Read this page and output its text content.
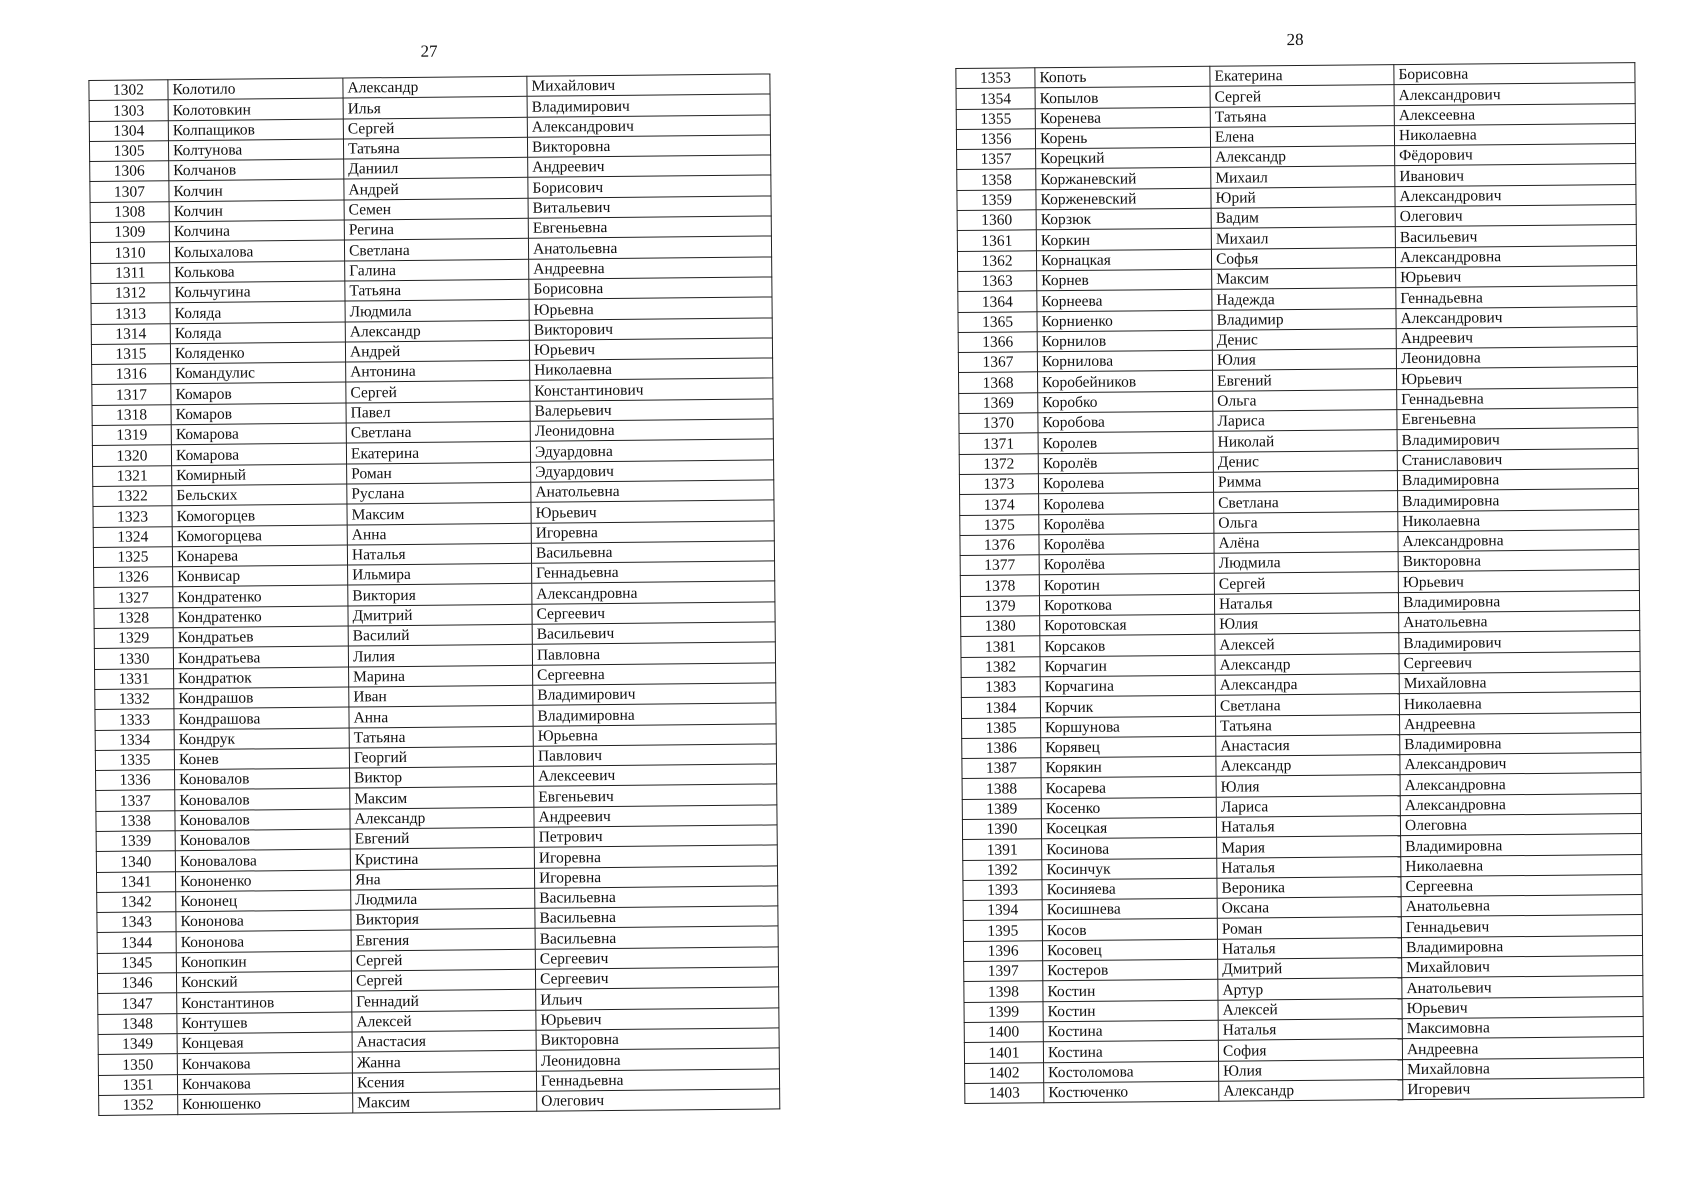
27
1302	Колотило	Александр	Михайлович
1303	Колотовкин	Илья	Владимирович
1304	Колпащиков	Сергей	Александрович
1305	Колтунова	Татьяна	Викторовна
1306	Колчанов	Даниил	Андреевич
1307	Колчин	Андрей	Борисович
1308	Колчин	Семен	Витальевич
1309	Колчина	Регина	Евгеньевна
1310	Колыхалова	Светлана	Анатольевна
1311	Колькова	Галина	Андреевна
1312	Кольчугина	Татьяна	Борисовна
1313	Коляда	Людмила	Юрьевна
1314	Коляда	Александр	Викторович
1315	Коляденко	Андрей	Юрьевич
1316	Командулис	Антонина	Николаевна
1317	Комаров	Сергей	Константинович
1318	Комаров	Павел	Валерьевич
1319	Комарова	Светлана	Леонидовна
1320	Комарова	Екатерина	Эдуардовна
1321	Комирный	Роман	Эдуардович
1322	Бельских	Руслана	Анатольевна
1323	Комогорцев	Максим	Юрьевич
1324	Комогорцева	Анна	Игоревна
1325	Конарева	Наталья	Васильевна
1326	Конвисар	Ильмира	Геннадьевна
1327	Кондратенко	Виктория	Александровна
1328	Кондратенко	Дмитрий	Сергеевич
1329	Кондратьев	Василий	Васильевич
1330	Кондратьева	Лилия	Павловна
1331	Кондратюк	Марина	Сергеевна
1332	Кондрашов	Иван	Владимирович
1333	Кондрашова	Анна	Владимировна
1334	Кондрук	Татьяна	Юрьевна
1335	Конев	Георгий	Павлович
1336	Коновалов	Виктор	Алексеевич
1337	Коновалов	Максим	Евгеньевич
1338	Коновалов	Александр	Андреевич
1339	Коновалов	Евгений	Петрович
1340	Коновалова	Кристина	Игоревна
1341	Кононенко	Яна	Игоревна
1342	Кононец	Людмила	Васильевна
1343	Кононова	Виктория	Васильевна
1344	Кононова	Евгения	Васильевна
1345	Конопкин	Сергей	Сергеевич
1346	Конский	Сергей	Сергеевич
1347	Константинов	Геннадий	Ильич
1348	Контушев	Алексей	Юрьевич
1349	Концевая	Анастасия	Викторовна
1350	Кончакова	Жанна	Леонидовна
1351	Кончакова	Ксения	Геннадьевна
1352	Конюшенко	Максим	Олегович
28
1353	Копоть	Екатерина	Борисовна
1354	Копылов	Сергей	Александрович
1355	Коренева	Татьяна	Алексеевна
1356	Корень	Елена	Николаевна
1357	Корецкий	Александр	Фёдорович
1358	Коржаневский	Михаил	Иванович
1359	Корженевский	Юрий	Александрович
1360	Корзюк	Вадим	Олегович
1361	Коркин	Михаил	Васильевич
1362	Корнацкая	Софья	Александровна
1363	Корнев	Максим	Юрьевич
1364	Корнеева	Надежда	Геннадьевна
1365	Корниенко	Владимир	Александрович
1366	Корнилов	Денис	Андреевич
1367	Корнилова	Юлия	Леонидовна
1368	Коробейников	Евгений	Юрьевич
1369	Коробко	Ольга	Геннадьевна
1370	Коробова	Лариса	Евгеньевна
1371	Королев	Николай	Владимирович
1372	Королёв	Денис	Станиславович
1373	Королева	Римма	Владимировна
1374	Королева	Светлана	Владимировна
1375	Королёва	Ольга	Николаевна
1376	Королёва	Алёна	Александровна
1377	Королёва	Людмила	Викторовна
1378	Коротин	Сергей	Юрьевич
1379	Короткова	Наталья	Владимировна
1380	Коротовская	Юлия	Анатольевна
1381	Корсаков	Алексей	Владимирович
1382	Корчагин	Александр	Сергеевич
1383	Корчагина	Александра	Михайловна
1384	Корчик	Светлана	Николаевна
1385	Коршунова	Татьяна	Андреевна
1386	Корявец	Анастасия	Владимировна
1387	Корякин	Александр	Александрович
1388	Косарева	Юлия	Александровна
1389	Косенко	Лариса	Александровна
1390	Косецкая	Наталья	Олеговна
1391	Косинова	Мария	Владимировна
1392	Косинчук	Наталья	Николаевна
1393	Косиняева	Вероника	Сергеевна
1394	Косишнева	Оксана	Анатольевна
1395	Косов	Роман	Геннадьевич
1396	Косовец	Наталья	Владимировна
1397	Костеров	Дмитрий	Михайлович
1398	Костин	Артур	Анатольевич
1399	Костин	Алексей	Юрьевич
1400	Костина	Наталья	Максимовна
1401	Костина	София	Андреевна
1402	Костоломова	Юлия	Михайловна
1403	Костюченко	Александр	Игоревич
